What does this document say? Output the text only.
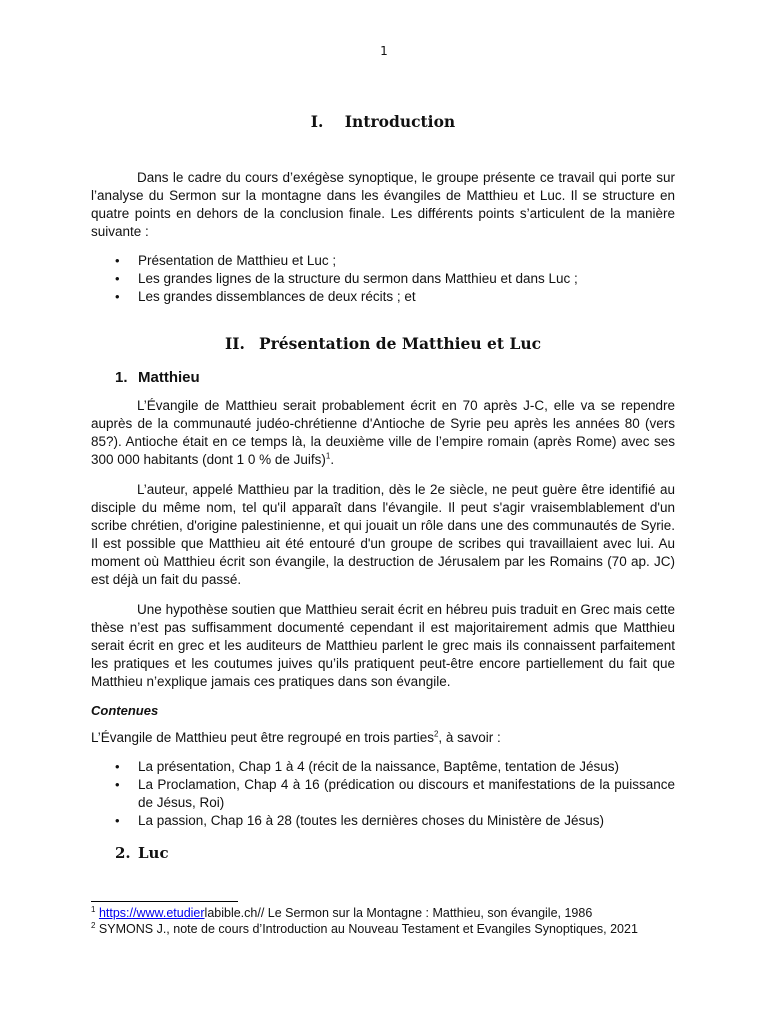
1
I. Introduction

Dans le cadre du cours d’exégèse synoptique, le groupe présente ce travail qui porte sur l’analyse du Sermon sur la montagne dans les évangiles de Matthieu et Luc. Il se structure en quatre points en dehors de la conclusion finale. Les différents points s’articulent de la manière suivante :

• Présentation de Matthieu et Luc ;
• Les grandes lignes de la structure du sermon dans Matthieu et dans Luc ;
• Les grandes dissemblances de deux récits ; et
II. Présentation de Matthieu et Luc
1. Matthieu

L’Évangile de Matthieu serait probablement écrit en 70 après J-C, elle va se rependre auprès de la communauté judéo-chrétienne d'Antioche de Syrie peu après les années 80 (vers 85?). Antioche était en ce temps là, la deuxième ville de l’empire romain (après Rome) avec ses 300 000 habitants (dont 1 0 % de Juifs)$^1$.

L’auteur, appelé Matthieu par la tradition, dès le 2e siècle, ne peut guère être identifié au disciple du même nom, tel qu'il apparaît dans l'évangile. Il peut s'agir vraisemblablement d'un scribe chrétien, d'origine palestinienne, et qui jouait un rôle dans une des communautés de Syrie. Il est possible que Matthieu ait été entouré d'un groupe de scribes qui travaillaient avec lui. Au moment où Matthieu écrit son évangile, la destruction de Jérusalem par les Romains (70 ap. JC) est déjà un fait du passé.

Une hypothèse soutien que Matthieu serait écrit en hébreu puis traduit en Grec mais cette thèse n’est pas suffisamment documenté cependant il est majoritairement admis que Matthieu serait écrit en grec et les auditeurs de Matthieu parlent le grec mais ils connaissent parfaitement les pratiques et les coutumes juives qu’ils pratiquent peut-être encore partiellement du fait que Matthieu n’explique jamais ces pratiques dans son évangile.

Contenues

L’Évangile de Matthieu peut être regroupé en trois parties$^2$, à savoir :

• La présentation, Chap 1 à 4 (récit de la naissance, Baptême, tentation de Jésus)
• La Proclamation, Chap 4 à 16 (prédication ou discours et manifestations de la puissance de Jésus, Roi)
• La passion, Chap 16 à 28 (toutes les dernières choses du Ministère de Jésus)
2. Luc
$^1$ https://www.etudierlabible.ch// Le Sermon sur la Montagne : Matthieu, son évangile, 1986
$^2$ SYMONS J., note de cours d’Introduction au Nouveau Testament et Evangiles Synoptiques, 2021
